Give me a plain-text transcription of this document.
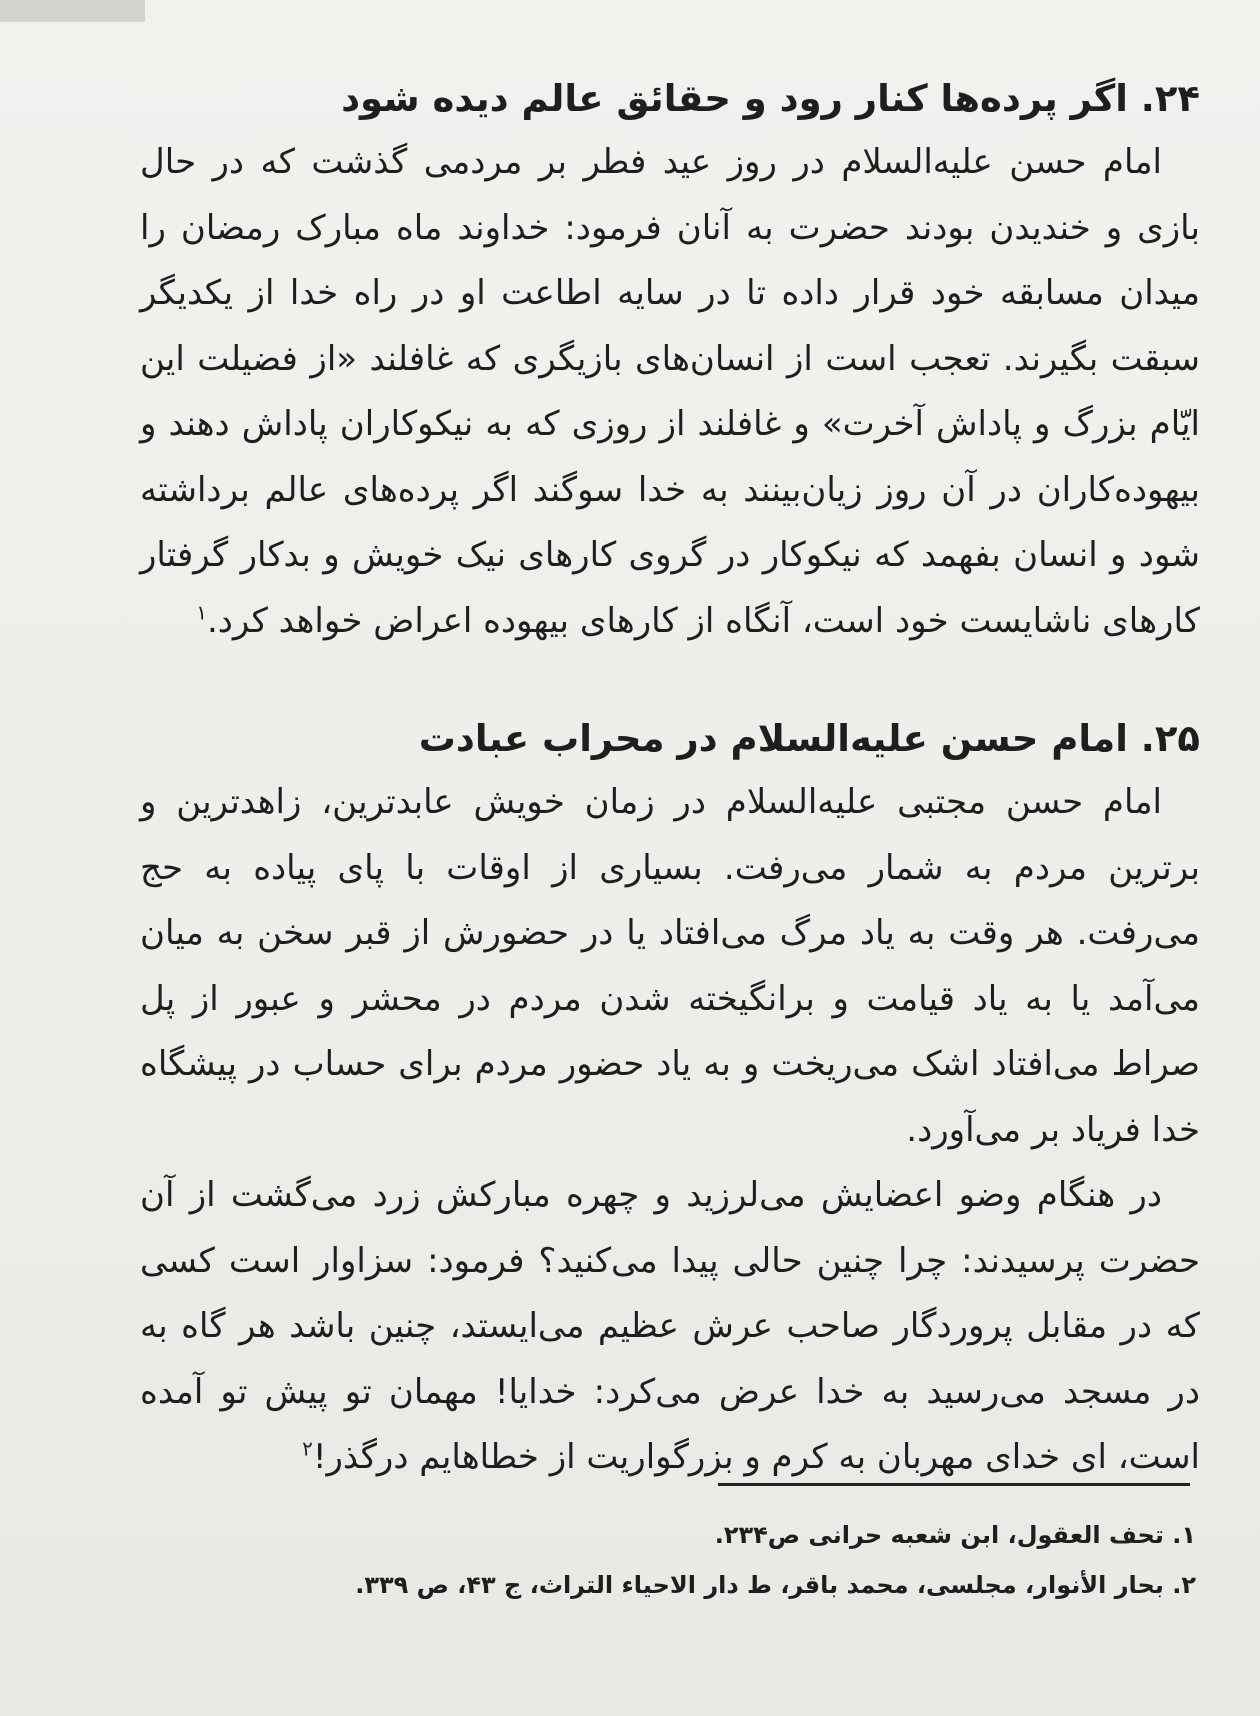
۲۴. اگر پرده‌ها کنار رود و حقائق عالم دیده شود

امام حسن علیه‌السلام در روز عید فطر بر مردمی گذشت که در حال بازی و خندیدن بودند حضرت به آنان فرمود: خداوند ماه مبارک رمضان را میدان مسابقه خود قرار داده تا در سایه اطاعت او در راه خدا از یکدیگر سبقت بگیرند. تعجب است از انسان‌های بازیگری که غافلند «از فضیلت این ایّام بزرگ و پاداش آخرت» و غافلند از روزی که به نیکوکاران پاداش دهند و بیهوده‌کاران در آن روز زیان‌بینند به خدا سوگند اگر پرده‌های عالم برداشته شود و انسان بفهمد که نیکوکار در گروی کارهای نیک خویش و بدکار گرفتار کارهای ناشایست خود است، آنگاه از کارهای بیهوده اعراض خواهد کرد.$^۱$

۲۵. امام حسن علیه‌السلام در محراب عبادت

امام حسن مجتبی علیه‌السلام در زمان خویش عابدترین، زاهدترین و برترین مردم به شمار می‌رفت. بسیاری از اوقات با پای پیاده به حج می‌رفت. هر وقت به یاد مرگ می‌افتاد یا در حضورش از قبر سخن به میان می‌آمد یا به یاد قیامت و برانگیخته شدن مردم در محشر و عبور از پل صراط می‌افتاد اشک می‌ریخت و به یاد حضور مردم برای حساب در پیشگاه خدا فریاد بر می‌آورد.

در هنگام وضو اعضایش می‌لرزید و چهره مبارکش زرد می‌گشت از آن حضرت پرسیدند: چرا چنین حالی پیدا می‌کنید؟ فرمود: سزاوار است کسی که در مقابل پروردگار صاحب عرش عظیم می‌ایستد، چنین باشد هر گاه به در مسجد می‌رسید به خدا عرض می‌کرد: خدایا! مهمان تو پیش تو آمده است، ای خدای مهربان به کرم و بزرگواریت از خطاهایم درگذر!$^۲$

۱. تحف العقول، ابن شعبه حرانی ص۲۳۴.

۲. بحار الأنوار، مجلسی، محمد باقر، ط دار الاحیاء التراث، ج ۴۳، ص ۳۳۹.
